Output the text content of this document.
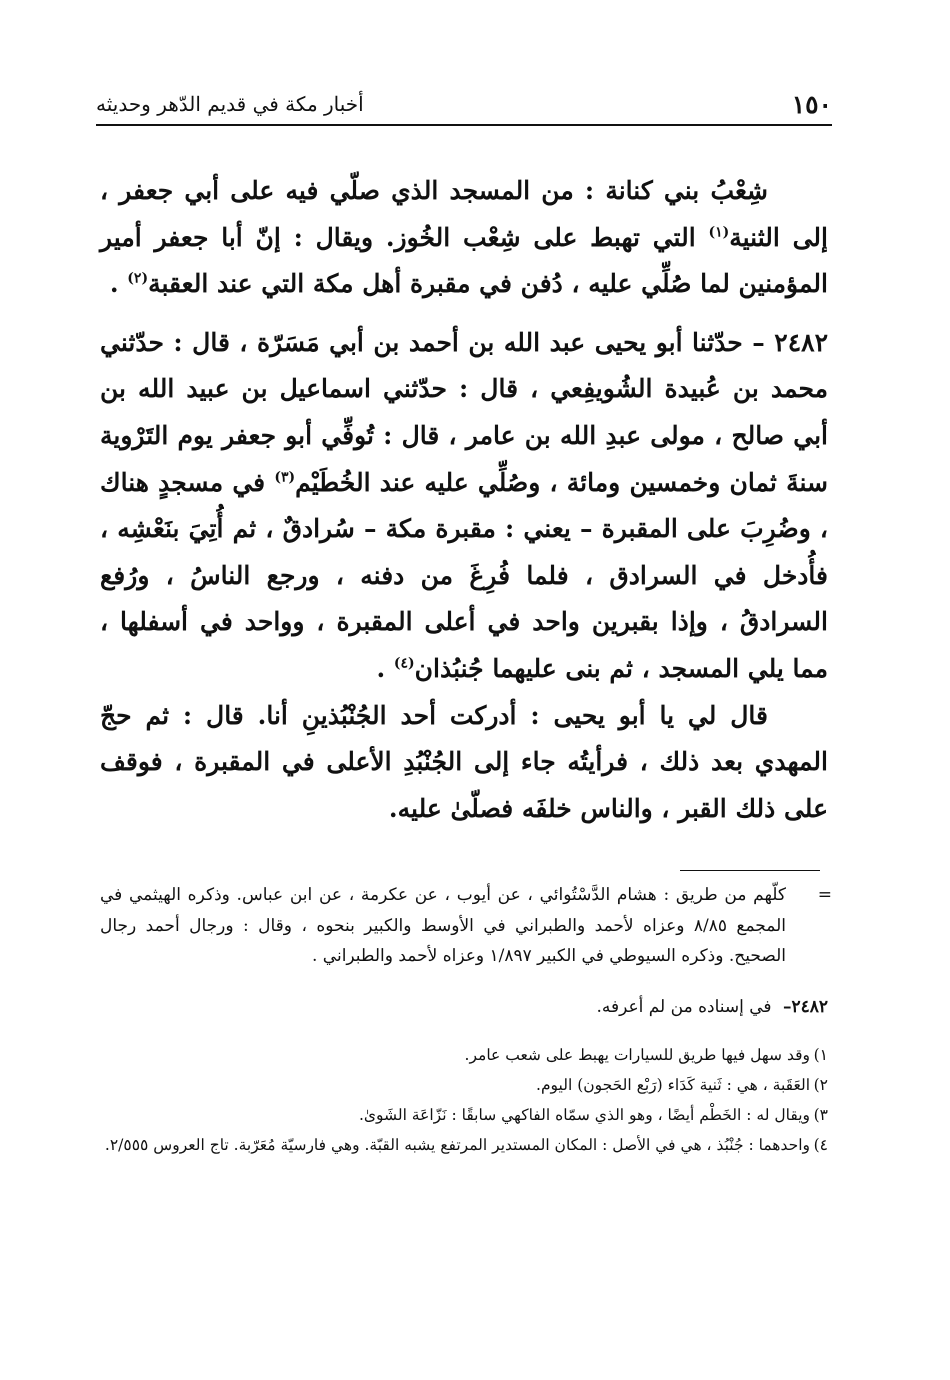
١٥٠
أخبار مكة في قديم الدّهر وحديثه

شِعْبُ بني كنانة : من المسجد الذي صلّي فيه على أبي جعفر ، إلى الثنية$^{(١)}$ التي تهبط على شِعْب الخُوز. ويقال : إنّ أبا جعفر أمير المؤمنين لما صُلِّي عليه ، دُفن في مقبرة أهل مكة التي عند العقبة$^{(٢)}$ .

٢٤٨٢ – حدّثنا أبو يحيى عبد الله بن أحمد بن أبي مَسَرّة ، قال : حدّثني محمد بن عُبيدة الشُويفِعي ، قال : حدّثني اسماعيل بن عبيد الله بن أبي صالح ، مولى عبدِ الله بن عامر ، قال : تُوفِّي أبو جعفر يوم التَرْوية سنةَ ثمان وخمسين ومائة ، وصُلِّي عليه عند الخُطَيْم$^{(٣)}$ في مسجدٍ هناك ، وضُرِبَ على المقبرة – يعني : مقبرة مكة – سُرادقٌ ، ثم أُتِيَ بنَعْشِه ، فأُدخل في السرادق ، فلما فُرِغَ من دفنه ، ورجع الناسُ ، ورُفع السرادقُ ، وإذا بقبرين واحد في أعلى المقبرة ، وواحد في أسفلها ، مما يلي المسجد ، ثم بنى عليهما جُنبُذان$^{(٤)}$ .

قال لي يا أبو يحيى : أدركت أحد الجُنْبُذينِ أنا. قال : ثم حجّ المهدي بعد ذلك ، فرأيتُه جاء إلى الجُنْبُدِ الأعلى في المقبرة ، فوقف على ذلك القبر ، والناس خلفَه فصلّىٰ عليه.

=
كلّهم من طريق : هشام الدَّسْتُوائي ، عن أيوب ، عن عكرمة ، عن ابن عباس. وذكره الهيثمي في المجمع ٨/٨٥ وعزاه لأحمد والطبراني في الأوسط والكبير بنحوه ، وقال : ورجال أحمد رجال الصحيح. وذكره السيوطي في الكبير ١/٨٩٧ وعزاه لأحمد والطبراني .
٢٤٨٢– في إسناده من لم أعرفه.
١)
وقد سهل فيها طريق للسيارات يهبط على شعب عامر.
٢)
العَقَبة ، هي : ثَنية كَدَاء (رَبْع الحَجون) اليوم.
٣)
ويقال له : الخَطْم أيضًا ، وهو الذي سمّاه الفاكهي سابقًا : نَزّاعَة الشَوىٰ.
٤)
واحدهما : جُنْبُذ ، هي في الأصل : المكان المستدير المرتفع يشبه القبّة. وهي فارسيّة مُعَرّبة. تاج العروس ٢/٥٥٥.
